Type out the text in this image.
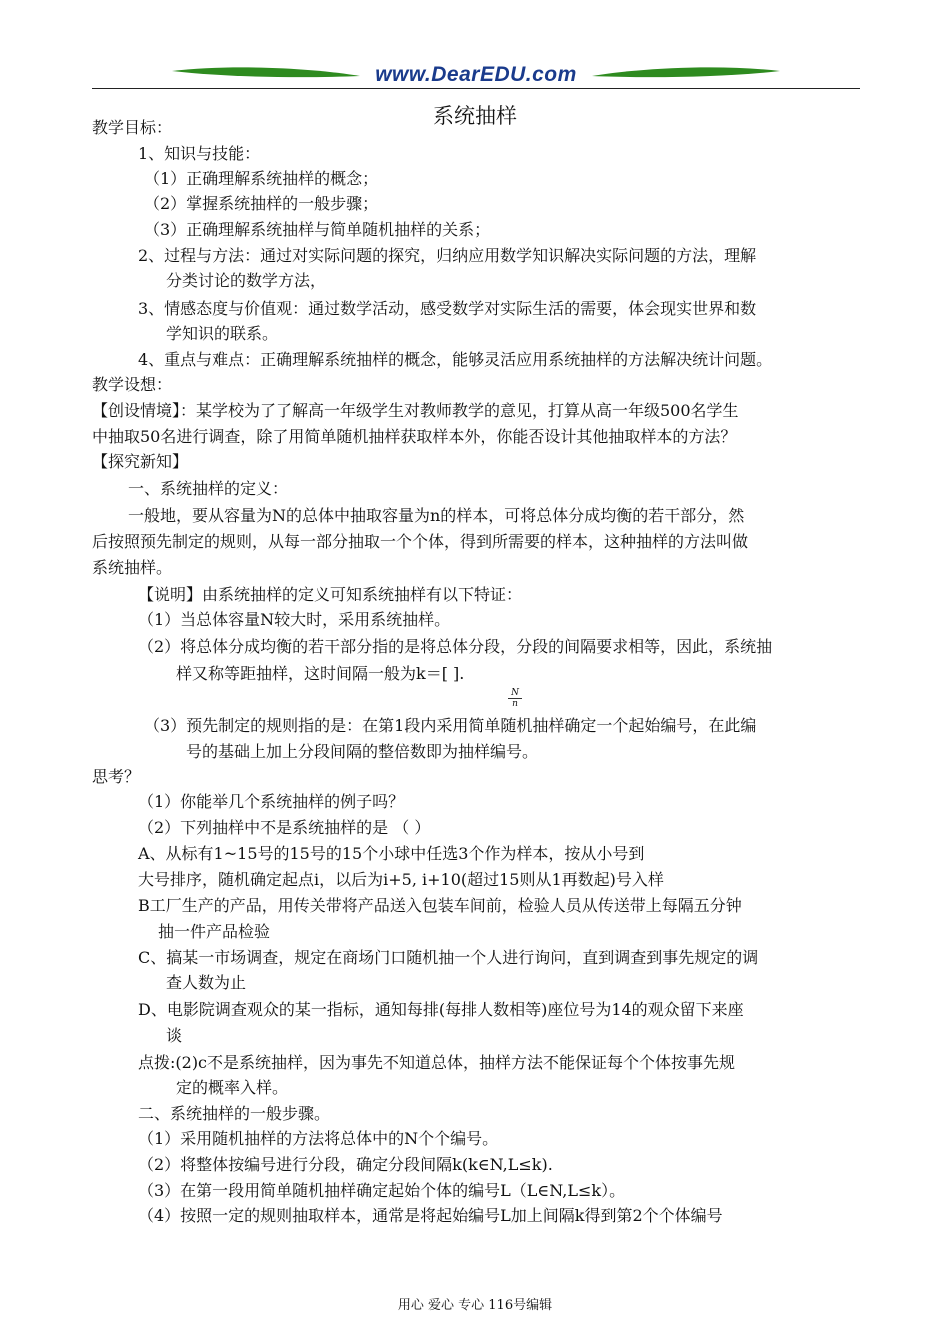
www.DearEDU.com
系统抽样
教学目标：
1、知识与技能：
（1）正确理解系统抽样的概念；
（2）掌握系统抽样的一般步骤；
（3）正确理解系统抽样与简单随机抽样的关系；
2、过程与方法：通过对实际问题的探究，归纳应用数学知识解决实际问题的方法，理解
分类讨论的数学方法，
3、情感态度与价值观：通过数学活动，感受数学对实际生活的需要，体会现实世界和数
学知识的联系。
4、重点与难点：正确理解系统抽样的概念，能够灵活应用系统抽样的方法解决统计问题。
教学设想：
【创设情境】：某学校为了了解高一年级学生对教师教学的意见，打算从高一年级500名学生
中抽取50名进行调查，除了用简单随机抽样获取样本外，你能否设计其他抽取样本的方法？
【探究新知】
一、系统抽样的定义：
一般地，要从容量为N的总体中抽取容量为n的样本，可将总体分成均衡的若干部分，然
后按照预先制定的规则，从每一部分抽取一个个体，得到所需要的样本，这种抽样的方法叫做
系统抽样。
【说明】由系统抽样的定义可知系统抽样有以下特证：
（1）当总体容量N较大时，采用系统抽样。
（2）将总体分成均衡的若干部分指的是将总体分段，分段的间隔要求相等，因此，系统抽
样又称等距抽样，这时间隔一般为k＝[ ].
（3）预先制定的规则指的是：在第1段内采用简单随机抽样确定一个起始编号，在此编
号的基础上加上分段间隔的整倍数即为抽样编号。
思考？
（1）你能举几个系统抽样的例子吗？
（2）下列抽样中不是系统抽样的是 （ ）
A、从标有1~15号的15号的15个小球中任选3个作为样本，按从小号到
大号排序，随机确定起点i，以后为i+5, i+10(超过15则从1再数起)号入样
B工厂生产的产品，用传关带将产品送入包装车间前，检验人员从传送带上每隔五分钟
抽一件产品检验
C、搞某一市场调查，规定在商场门口随机抽一个人进行询问，直到调查到事先规定的调
查人数为止
D、电影院调查观众的某一指标，通知每排(每排人数相等)座位号为14的观众留下来座
谈
点拨:(2)c不是系统抽样，因为事先不知道总体，抽样方法不能保证每个个体按事先规
定的概率入样。
二、系统抽样的一般步骤。
（1）采用随机抽样的方法将总体中的N个个编号。
（2）将整体按编号进行分段，确定分段间隔k(k∈N,L≤k).
（3）在第一段用简单随机抽样确定起始个体的编号L（L∈N,L≤k）。
（4）按照一定的规则抽取样本，通常是将起始编号L加上间隔k得到第2个个体编号
$\frac{N}{n}$
用心 爱心 专心 116号编辑
